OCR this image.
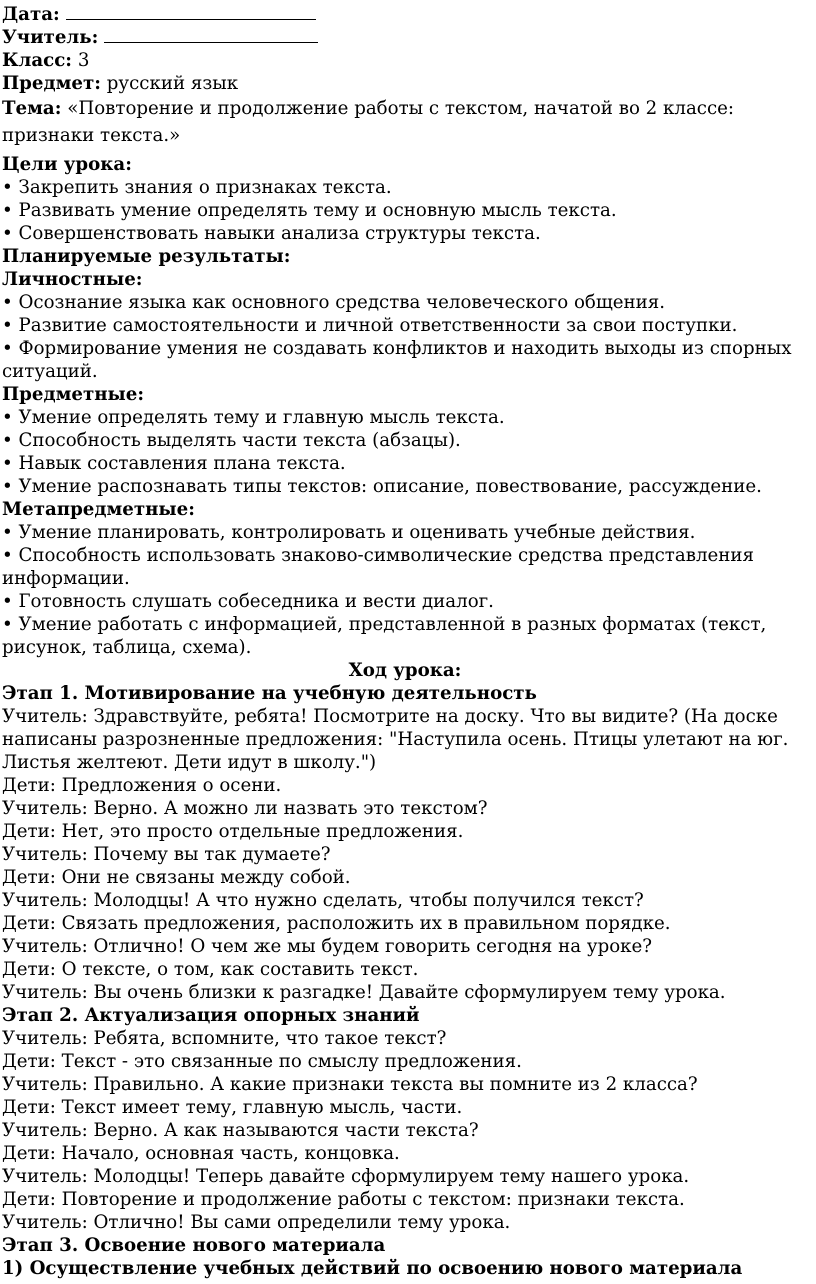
Дата:

Учитель:

Класс: 3

Предмет: русский язык

Тема: «Повторение и продолжение работы с текстом, начатой во 2 классе: признаки текста.»

Цели урока:

• Закрепить знания о признаках текста.

• Развивать умение определять тему и основную мысль текста.

• Совершенствовать навыки анализа структуры текста.

Планируемые результаты:

Личностные:

• Осознание языка как основного средства человеческого общения.

• Развитие самостоятельности и личной ответственности за свои поступки.

• Формирование умения не создавать конфликтов и находить выходы из спорных ситуаций.

Предметные:

• Умение определять тему и главную мысль текста.

• Способность выделять части текста (абзацы).

• Навык составления плана текста.

• Умение распознавать типы текстов: описание, повествование, рассуждение.

Метапредметные:

• Умение планировать, контролировать и оценивать учебные действия.

• Способность использовать знаково-символические средства представления информации.

• Готовность слушать собеседника и вести диалог.

• Умение работать с информацией, представленной в разных форматах (текст, рисунок, таблица, схема).

Ход урока:

Этап 1. Мотивирование на учебную деятельность

Учитель: Здравствуйте, ребята! Посмотрите на доску. Что вы видите? (На доске написаны разрозненные предложения: "Наступила осень. Птицы улетают на юг. Листья желтеют. Дети идут в школу.")

Дети: Предложения о осени.

Учитель: Верно. А можно ли назвать это текстом?

Дети: Нет, это просто отдельные предложения.

Учитель: Почему вы так думаете?

Дети: Они не связаны между собой.

Учитель: Молодцы! А что нужно сделать, чтобы получился текст?

Дети: Связать предложения, расположить их в правильном порядке.

Учитель: Отлично! О чем же мы будем говорить сегодня на уроке?

Дети: О тексте, о том, как составить текст.

Учитель: Вы очень близки к разгадке! Давайте сформулируем тему урока.

Этап 2. Актуализация опорных знаний

Учитель: Ребята, вспомните, что такое текст?

Дети: Текст - это связанные по смыслу предложения.

Учитель: Правильно. А какие признаки текста вы помните из 2 класса?

Дети: Текст имеет тему, главную мысль, части.

Учитель: Верно. А как называются части текста?

Дети: Начало, основная часть, концовка.

Учитель: Молодцы! Теперь давайте сформулируем тему нашего урока.

Дети: Повторение и продолжение работы с текстом: признаки текста.

Учитель: Отлично! Вы сами определили тему урока.

Этап 3. Освоение нового материала

1) Осуществление учебных действий по освоению нового материала
